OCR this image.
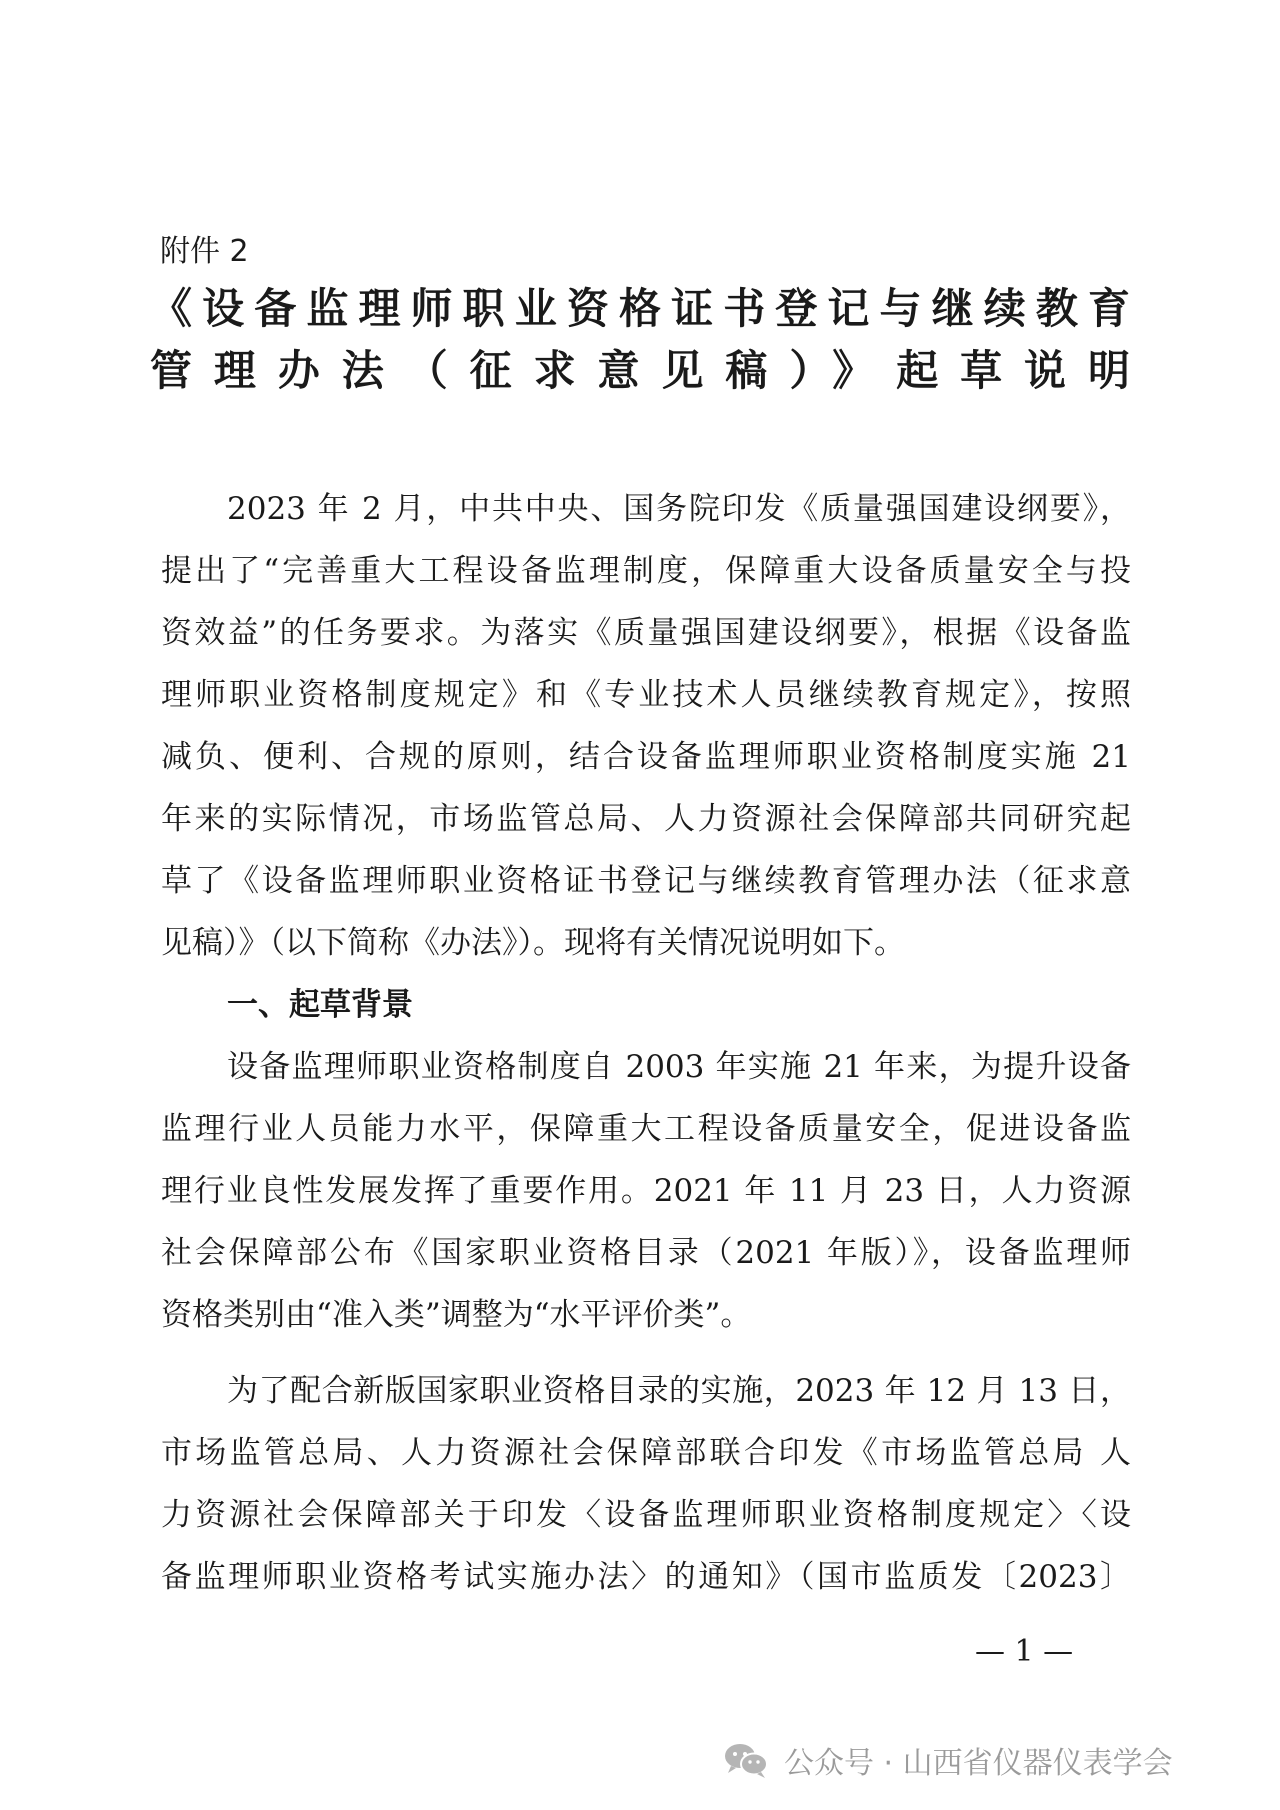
附件 2
《设备监理师职业资格证书登记与继续教育
管理办法（征求意见稿）》起草说明
2023 年 2 月，中共中央、国务院印发《质量强国建设纲要》，
提出了“完善重大工程设备监理制度，保障重大设备质量安全与投
资效益”的任务要求。为落实《质量强国建设纲要》，根据《设备监
理师职业资格制度规定》和《专业技术人员继续教育规定》，按照
减负、便利、合规的原则，结合设备监理师职业资格制度实施 21
年来的实际情况，市场监管总局、人力资源社会保障部共同研究起
草了《设备监理师职业资格证书登记与继续教育管理办法（征求意
见稿）》（以下简称《办法》）。现将有关情况说明如下。
一、起草背景
设备监理师职业资格制度自 2003 年实施 21 年来，为提升设备
监理行业人员能力水平，保障重大工程设备质量安全，促进设备监
理行业良性发展发挥了重要作用。2021 年 11 月 23 日，人力资源
社会保障部公布《国家职业资格目录（2021 年版）》，设备监理师
资格类别由“准入类”调整为“水平评价类”。
为了配合新版国家职业资格目录的实施，2023 年 12 月 13 日，
市场监管总局、人力资源社会保障部联合印发《市场监管总局 人
力资源社会保障部关于印发〈设备监理师职业资格制度规定〉〈设
备监理师职业资格考试实施办法〉的通知》（国市监质发〔2023〕
— 1 —
公众号 · 山西省仪器仪表学会
